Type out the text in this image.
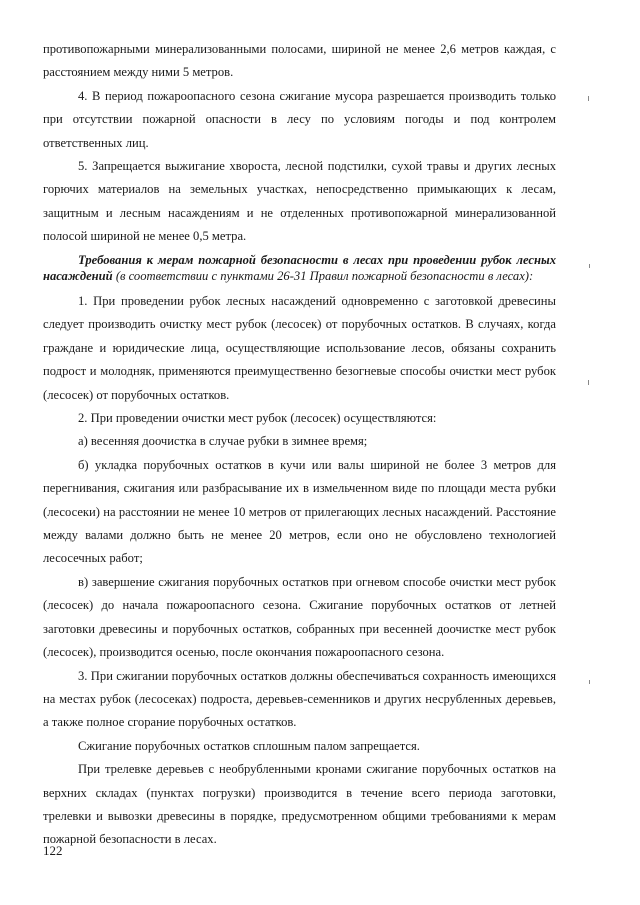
противопожарными минерализованными полосами, шириной не менее 2,6 метров каждая, с расстоянием между ними 5 метров.

4. В период пожароопасного сезона сжигание мусора разрешается производить только при отсутствии пожарной опасности в лесу по условиям погоды и под контролем ответственных лиц.

5. Запрещается выжигание хвороста, лесной подстилки, сухой травы и других лесных горючих материалов на земельных участках, непосредственно примыкающих к лесам, защитным и лесным насаждениям и не отделенных противопожарной минерализованной полосой шириной не менее 0,5 метра.

Требования к мерам пожарной безопасности в лесах при проведении рубок лесных насаждений (в соответствии с пунктами 26-31 Правил пожарной безопасности в лесах):

1. При проведении рубок лесных насаждений одновременно с заготовкой древесины следует производить очистку мест рубок (лесосек) от порубочных остатков. В случаях, когда граждане и юридические лица, осуществляющие использование лесов, обязаны сохранить подрост и молодняк, применяются преимущественно безогневые способы очистки мест рубок (лесосек) от порубочных остатков.

2. При проведении очистки мест рубок (лесосек) осуществляются:

а) весенняя доочистка в случае рубки в зимнее время;

б) укладка порубочных остатков в кучи или валы шириной не более 3 метров для перегнивания, сжигания или разбрасывание их в измельченном виде по площади места рубки (лесосеки) на расстоянии не менее 10 метров от прилегающих лесных насаждений. Расстояние между валами должно быть не менее 20 метров, если оно не обусловлено технологией лесосечных работ;

в) завершение сжигания порубочных остатков при огневом способе очистки мест рубок (лесосек) до начала пожароопасного сезона. Сжигание порубочных остатков от летней заготовки древесины и порубочных остатков, собранных при весенней доочистке мест рубок (лесосек), производится осенью, после окончания пожароопасного сезона.

3. При сжигании порубочных остатков должны обеспечиваться сохранность имеющихся на местах рубок (лесосеках) подроста, деревьев-семенников и других несрубленных деревьев, а также полное сгорание порубочных остатков.

Сжигание порубочных остатков сплошным палом запрещается.

При трелевке деревьев с необрубленными кронами сжигание порубочных остатков на верхних складах (пунктах погрузки) производится в течение всего периода заготовки, трелевки и вывозки древесины в порядке, предусмотренном общими требованиями к мерам пожарной безопасности в лесах.

122
